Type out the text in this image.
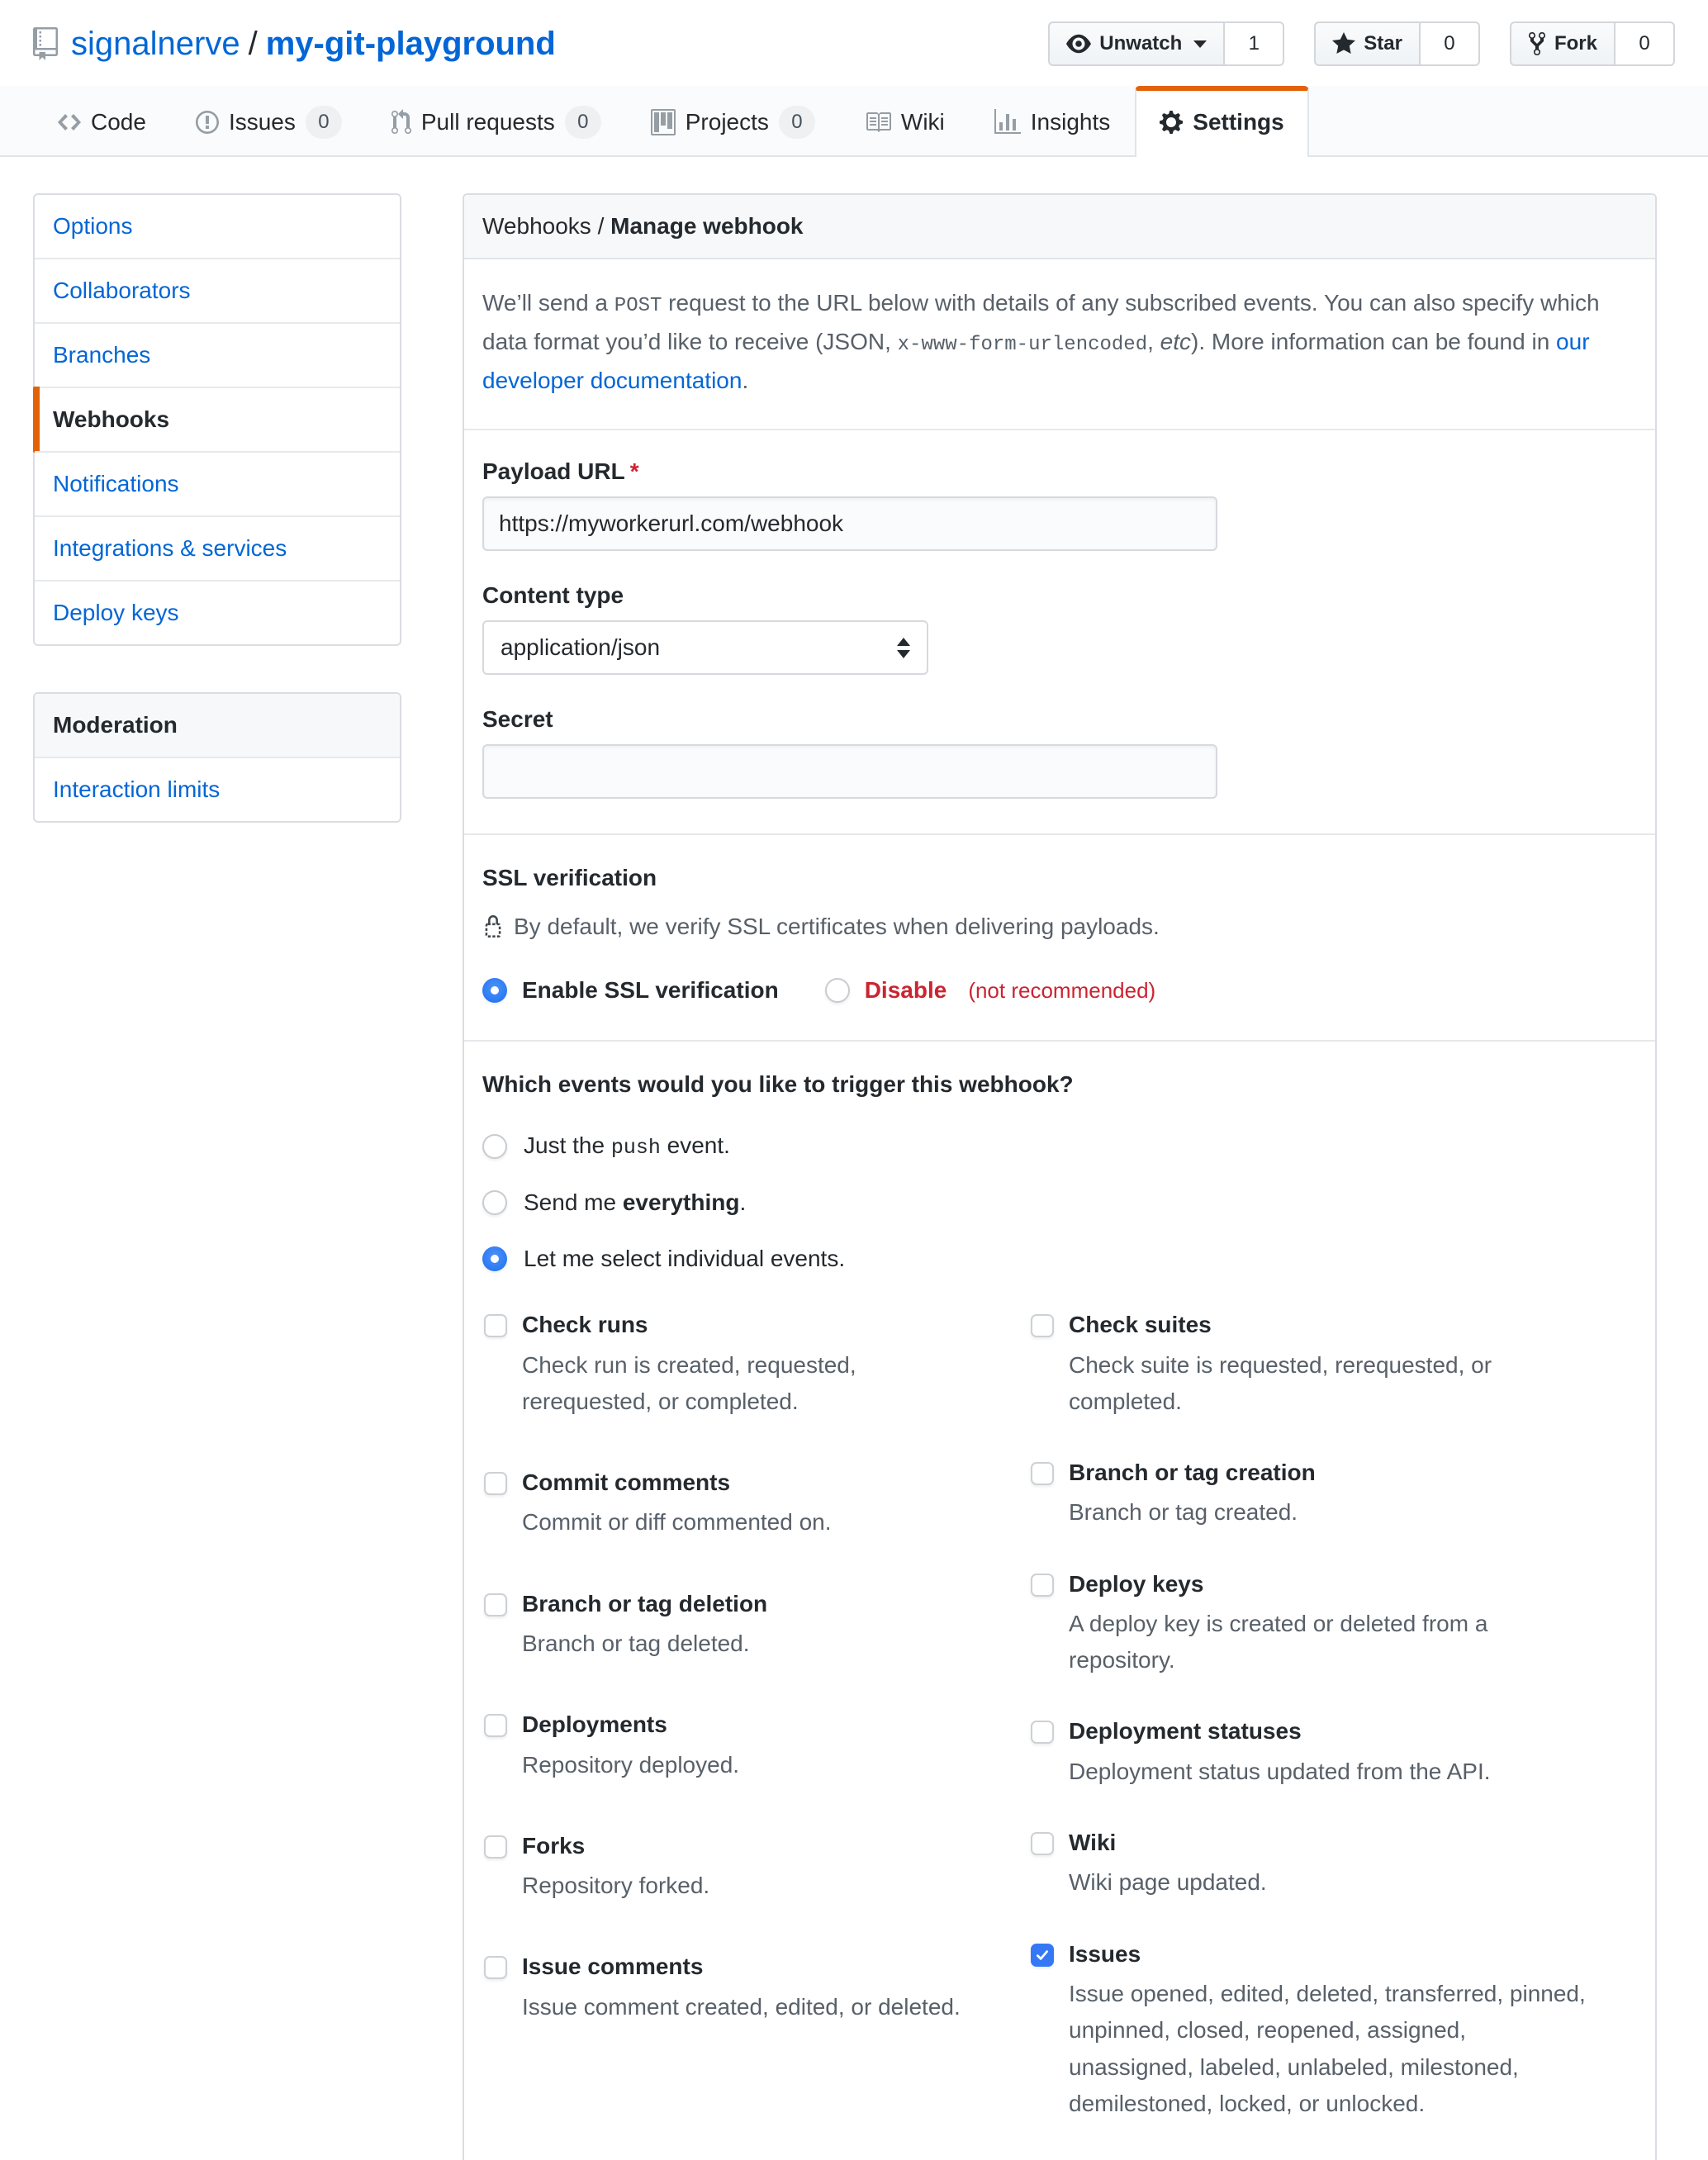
signalnerve / my-git-playground	Unwatch	1	Star	0	Fork	0
Code	Issues	0	Pull requests	0	Projects	0	Wiki	Insights	Settings
Options
Collaborators
Branches
Webhooks
Notifications
Integrations & services
Deploy keys
Moderation
Interaction limits
Webhooks / Manage webhook

We’ll send a POST request to the URL below with details of any subscribed events. You can also specify which data format you’d like to receive (JSON, x-www-form-urlencoded, etc). More information can be found in our developer documentation.

Payload URL *
https://myworkerurl.com/webhook
Content type
application/json
Secret
SSL verification

By default, we verify SSL certificates when delivering payloads.

Enable SSL verification	Disable (not recommended)
Which events would you like to trigger this webhook?
Just the push event.
Send me everything.
Let me select individual events.
Check runs
Check run is created, requested, rerequested, or completed.
Commit comments
Commit or diff commented on.
Branch or tag deletion
Branch or tag deleted.
Deployments
Repository deployed.
Forks
Repository forked.
Issue comments
Issue comment created, edited, or deleted.
Check suites
Check suite is requested, rerequested, or completed.
Branch or tag creation
Branch or tag created.
Deploy keys
A deploy key is created or deleted from a repository.
Deployment statuses
Deployment status updated from the API.
Wiki
Wiki page updated.
Issues
Issue opened, edited, deleted, transferred, pinned, unpinned, closed, reopened, assigned, unassigned, labeled, unlabeled, milestoned, demilestoned, locked, or unlocked.
